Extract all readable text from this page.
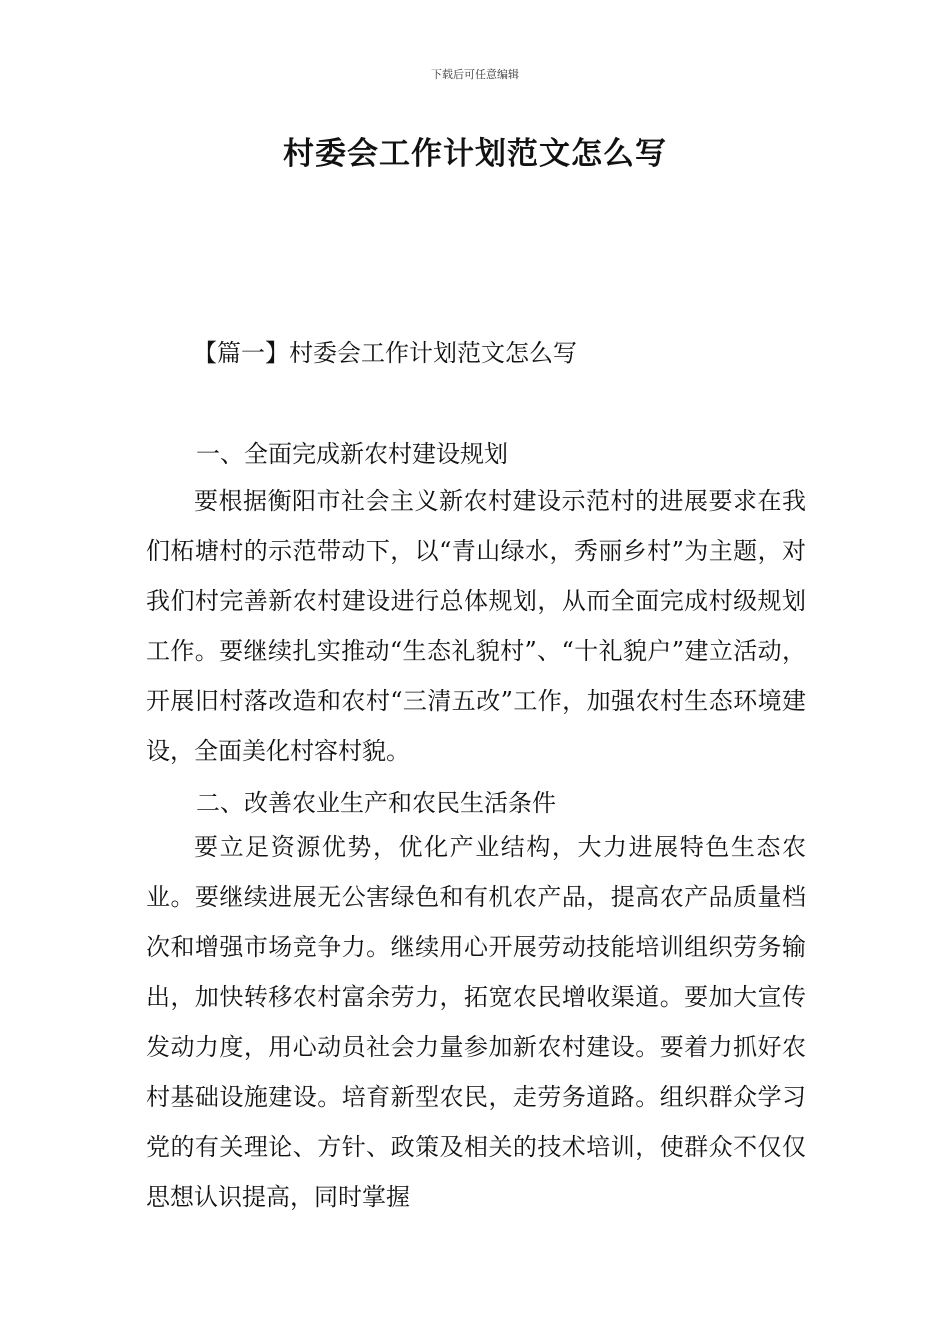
下载后可任意编辑
村委会工作计划范文怎么写
【篇一】村委会工作计划范文怎么写
一、全面完成新农村建设规划

要根据衡阳市社会主义新农村建设示范村的进展要求在我们柘塘村的示范带动下，以“青山绿水，秀丽乡村”为主题，对我们村完善新农村建设进行总体规划，从而全面完成村级规划工作。要继续扎实推动“生态礼貌村”、“十礼貌户”建立活动，开展旧村落改造和农村“三清五改”工作，加强农村生态环境建设，全面美化村容村貌。

二、改善农业生产和农民生活条件

要立足资源优势，优化产业结构，大力进展特色生态农业。要继续进展无公害绿色和有机农产品，提高农产品质量档次和增强市场竞争力。继续用心开展劳动技能培训组织劳务输出，加快转移农村富余劳力，拓宽农民增收渠道。要加大宣传发动力度，用心动员社会力量参加新农村建设。要着力抓好农村基础设施建设。培育新型农民，走劳务道路。组织群众学习党的有关理论、方针、政策及相关的技术培训，使群众不仅仅思想认识提高，同时掌握
